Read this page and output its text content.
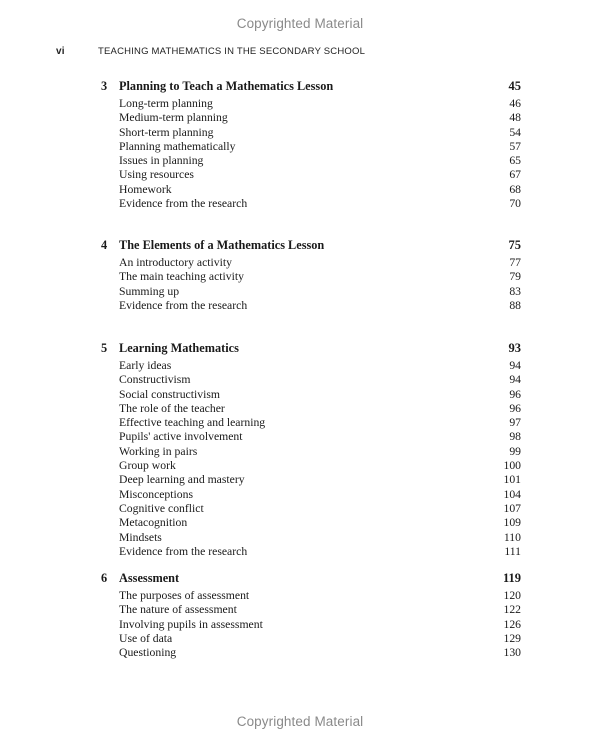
Copyrighted Material
vi	TEACHING MATHEMATICS IN THE SECONDARY SCHOOL
3 Planning to Teach a Mathematics Lesson	45
Long-term planning	46
Medium-term planning	48
Short-term planning	54
Planning mathematically	57
Issues in planning	65
Using resources	67
Homework	68
Evidence from the research	70
4 The Elements of a Mathematics Lesson	75
An introductory activity	77
The main teaching activity	79
Summing up	83
Evidence from the research	88
5 Learning Mathematics	93
Early ideas	94
Constructivism	94
Social constructivism	96
The role of the teacher	96
Effective teaching and learning	97
Pupils' active involvement	98
Working in pairs	99
Group work	100
Deep learning and mastery	101
Misconceptions	104
Cognitive conflict	107
Metacognition	109
Mindsets	110
Evidence from the research	111
6 Assessment	119
The purposes of assessment	120
The nature of assessment	122
Involving pupils in assessment	126
Use of data	129
Questioning	130
Copyrighted Material
